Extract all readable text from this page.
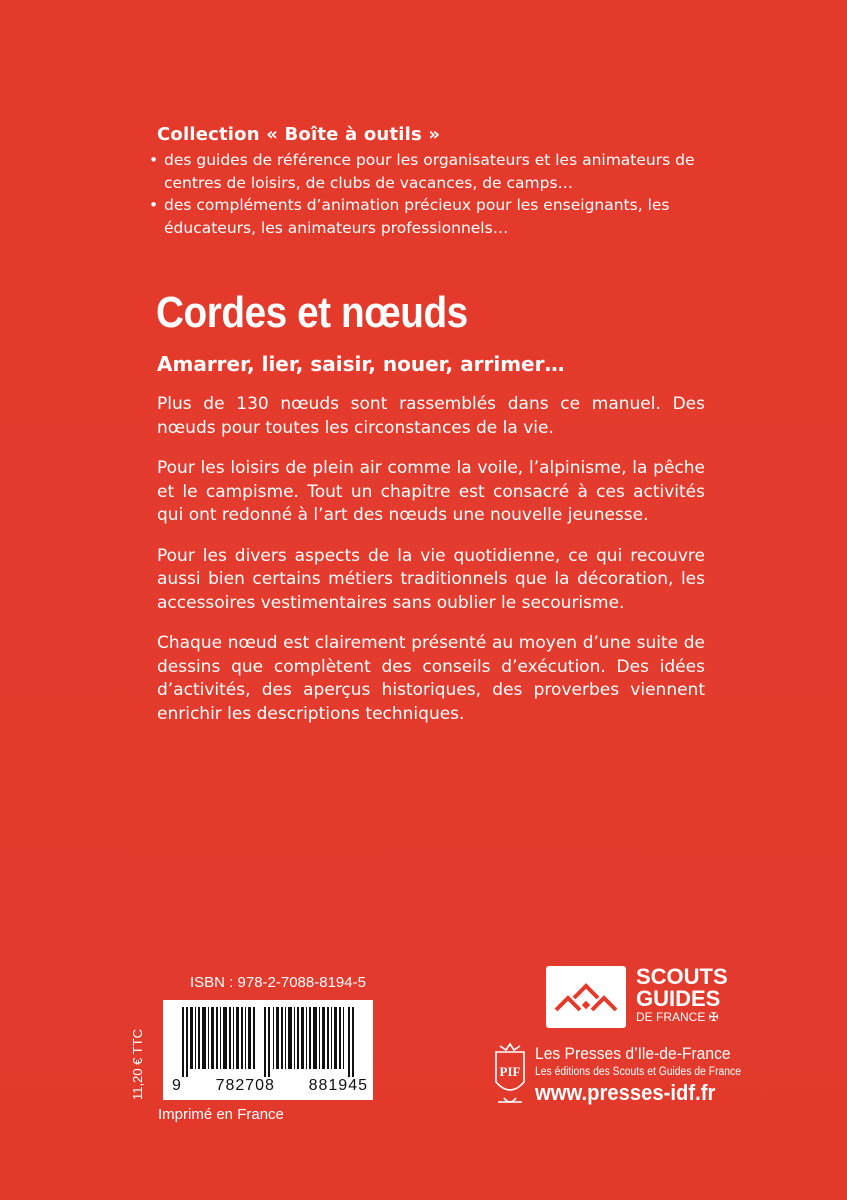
Collection « Boîte à outils »
• des guides de référence pour les organisateurs et les animateurs de centres de loisirs, de clubs de vacances, de camps…
• des compléments d’animation précieux pour les enseignants, les éducateurs, les animateurs professionnels…
Cordes et nœuds
Amarrer, lier, saisir, nouer, arrimer…

Plus de 130 nœuds sont rassemblés dans ce manuel. Des nœuds pour toutes les circonstances de la vie.

Pour les loisirs de plein air comme la voile, l’alpinisme, la pêche et le campisme. Tout un chapitre est consacré à ces activités qui ont redonné à l’art des nœuds une nouvelle jeunesse.

Pour les divers aspects de la vie quotidienne, ce qui recouvre aussi bien certains métiers traditionnels que la décoration, les accessoires vestimentaires sans oublier le secourisme.

Chaque nœud est clairement présenté au moyen d’une suite de dessins que complètent des conseils d’exécution. Des idées d’activités, des aperçus historiques, des proverbes viennent enrichir les descriptions techniques.

ISBN : 978-2-7088-8194-5
9 782708 881945
11,20 € TTC
Imprimé en France
SCOUTS
GUIDES
DE FRANCE ✠
PIF
Les Presses d’Ile-de-France
Les éditions des Scouts et Guides de France
www.presses-idf.fr
